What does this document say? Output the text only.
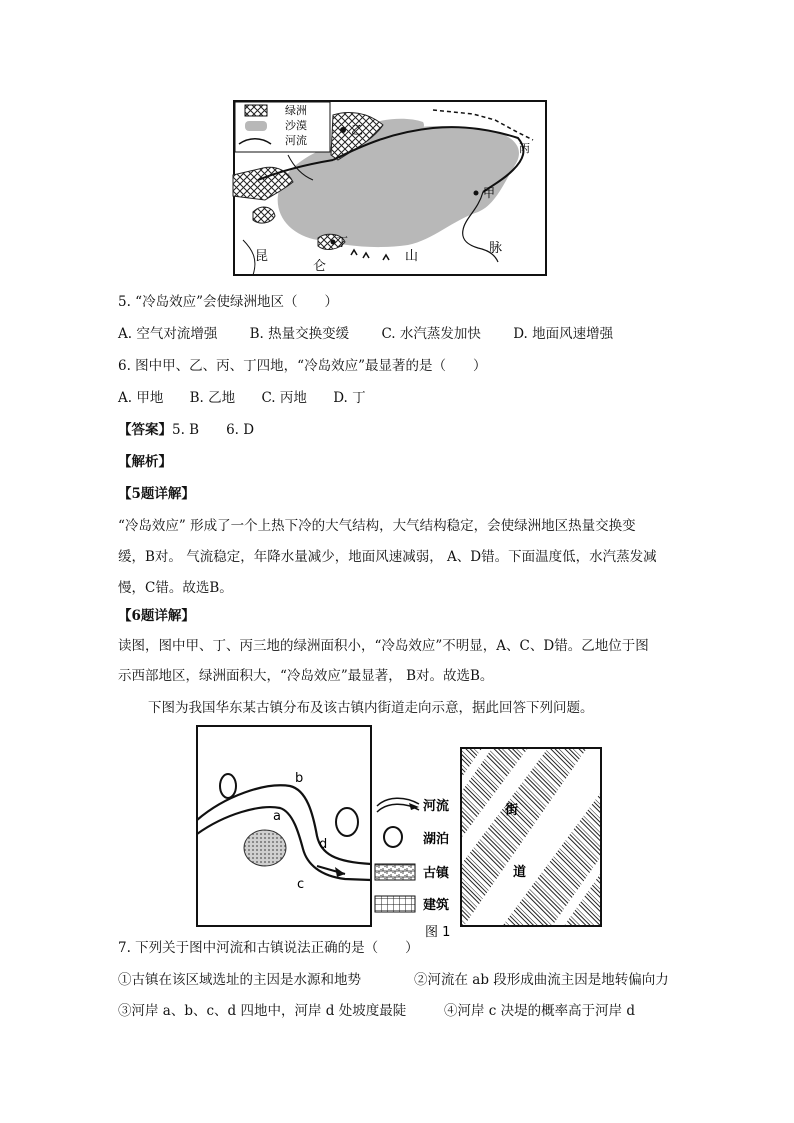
绿洲
沙漠
河流
乙
丙
甲
丁
昆
仑
山
脉
5. “冷岛效应”会使绿洲地区（　　）
A. 空气对流增强 B. 热量交换变缓 C. 水汽蒸发加快 D. 地面风速增强
6. 图中甲、乙、丙、丁四地，“冷岛效应”最显著的是（　　）
A. 甲地 B. 乙地 C. 丙地 D. 丁
【答案】5. B　　6. D
【解析】
【5题详解】
“冷岛效应” 形成了一个上热下冷的大气结构，大气结构稳定，会使绿洲地区热量交换变
缓，B对。 气流稳定，年降水量减少，地面风速减弱， A、D错。下面温度低，水汽蒸发减
慢，C错。故选B。
【6题详解】
读图，图中甲、丁、丙三地的绿洲面积小，“冷岛效应”不明显，A、C、D错。乙地位于图
示西部地区，绿洲面积大，“冷岛效应”最显著， B对。故选B。
下图为我国华东某古镇分布及该古镇内街道走向示意，据此回答下列问题。
b
a
d
c
河流
湖泊
古镇
建筑
街
道
图 1
7. 下列关于图中河流和古镇说法正确的是（　　）
①古镇在该区域选址的主因是水源和地势	②河流在 ab 段形成曲流主因是地转偏向力
③河岸 a、b、c、d 四地中，河岸 d 处坡度最陡	④河岸 c 决堤的概率高于河岸 d
